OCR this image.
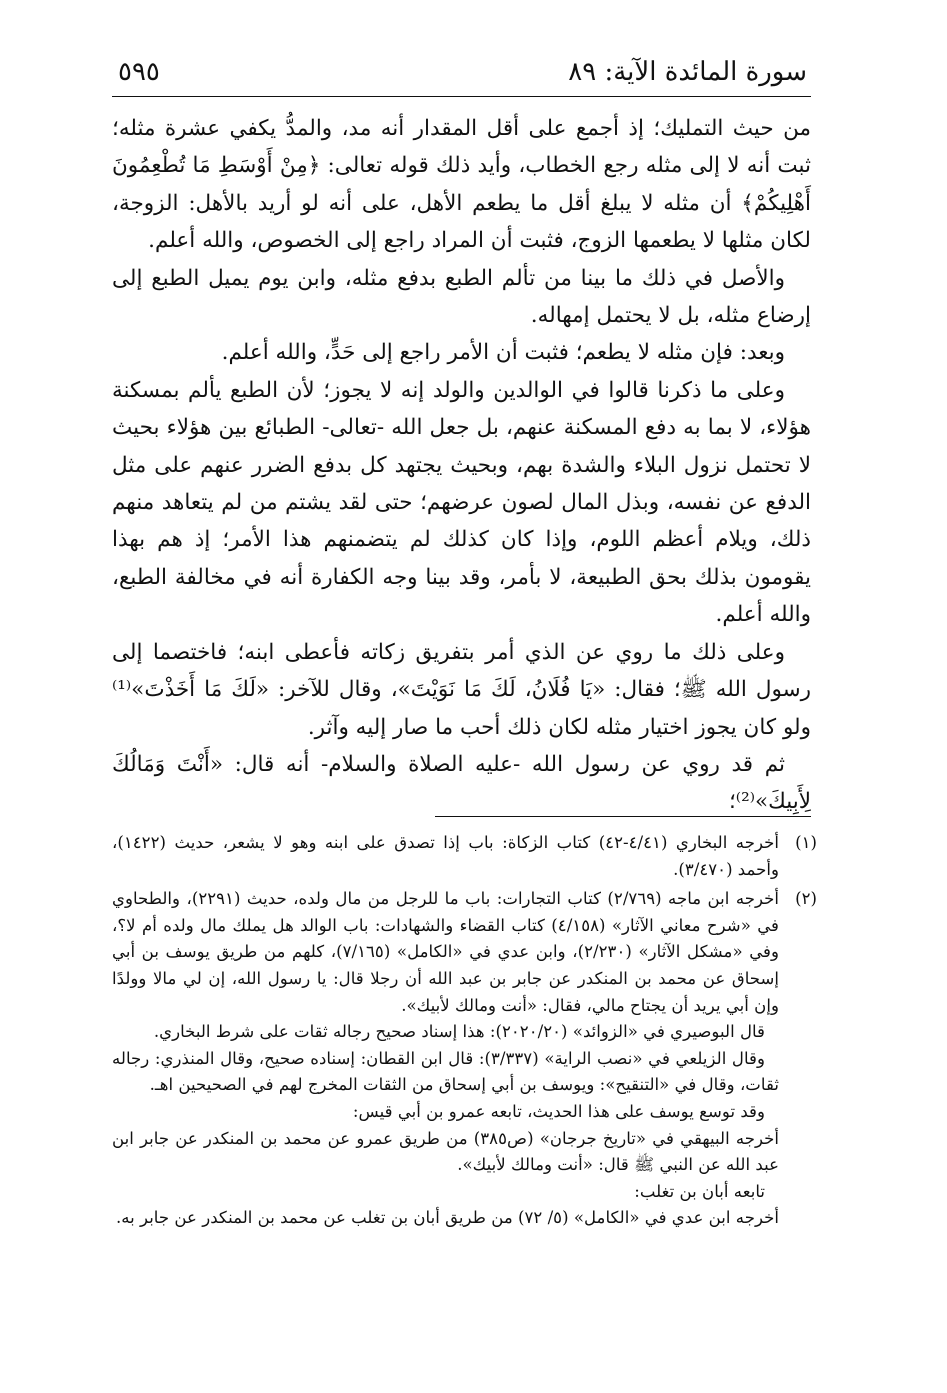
سورة المائدة الآية: ٨٩
٥٩٥

من حيث التمليك؛ إذ أجمع على أقل المقدار أنه مد، والمدُّ يكفي عشرة مثله؛ ثبت أنه لا إلى مثله رجع الخطاب، وأيد ذلك قوله تعالى: ﴿مِنْ أَوْسَطِ مَا تُطْعِمُونَ أَهْلِيكُمْ﴾ أن مثله لا يبلغ أقل ما يطعم الأهل، على أنه لو أريد بالأهل: الزوجة، لكان مثلها لا يطعمها الزوج، فثبت أن المراد راجع إلى الخصوص، والله أعلم.

والأصل في ذلك ما بينا من تألم الطبع بدفع مثله، وابن يوم يميل الطبع إلى إرضاع مثله، بل لا يحتمل إمهاله.

وبعد: فإن مثله لا يطعم؛ فثبت أن الأمر راجع إلى حَدٍّ، والله أعلم.

وعلى ما ذكرنا قالوا في الوالدين والولد إنه لا يجوز؛ لأن الطبع يألم بمسكنة هؤلاء، لا بما به دفع المسكنة عنهم، بل جعل الله -تعالى- الطبائع بين هؤلاء بحيث لا تحتمل نزول البلاء والشدة بهم، وبحيث يجتهد كل بدفع الضرر عنهم على مثل الدفع عن نفسه، وبذل المال لصون عرضهم؛ حتى لقد يشتم من لم يتعاهد منهم ذلك، ويلام أعظم اللوم، وإذا كان كذلك لم يتضمنهم هذا الأمر؛ إذ هم بهذا يقومون بذلك بحق الطبيعة، لا بأمر، وقد بينا وجه الكفارة أنه في مخالفة الطبع، والله أعلم.

وعلى ذلك ما روي عن الذي أمر بتفريق زكاته فأعطى ابنه؛ فاختصما إلى رسول الله ﷺ؛ فقال: «يَا فُلَانُ، لَكَ مَا نَوَيْتَ»، وقال للآخر: «لَكَ مَا أَخَذْتَ»⁽¹⁾ ولو كان يجوز اختيار مثله لكان ذلك أحب ما صار إليه وآثر.

ثم قد روي عن رسول الله -عليه الصلاة والسلام- أنه قال: «أَنْتَ وَمَالُكَ لِأَبِيكَ»⁽²⁾؛

(١)

أخرجه البخاري (٤/٤١-٤٢) كتاب الزكاة: باب إذا تصدق على ابنه وهو لا يشعر، حديث (١٤٢٢)، وأحمد (٣/٤٧٠).

(٢)

أخرجه ابن ماجه (٢/٧٦٩) كتاب التجارات: باب ما للرجل من مال ولده، حديث (٢٢٩١)، والطحاوي في «شرح معاني الآثار» (٤/١٥٨) كتاب القضاء والشهادات: باب الوالد هل يملك مال ولده أم لا؟، وفي «مشكل الآثار» (٢/٢٣٠)، وابن عدي في «الكامل» (٧/١٦٥)، كلهم من طريق يوسف بن أبي إسحاق عن محمد بن المنكدر عن جابر بن عبد الله أن رجلا قال: يا رسول الله، إن لي مالا وولدًا وإن أبي يريد أن يجتاح مالي، فقال: «أنت ومالك لأبيك».

قال البوصيري في «الزوائد» (٢٠٢٠/٢٠): هذا إسناد صحيح رجاله ثقات على شرط البخاري.

وقال الزيلعي في «نصب الراية» (٣/٣٣٧): قال ابن القطان: إسناده صحيح، وقال المنذري: رجاله ثقات، وقال في «التنقيح»: ويوسف بن أبي إسحاق من الثقات المخرج لهم في الصحيحين اهـ.

وقد توسع يوسف على هذا الحديث، تابعه عمرو بن أبي قيس:

أخرجه البيهقي في «تاريخ جرجان» (ص٣٨٥) من طريق عمرو عن محمد بن المنكدر عن جابر ابن عبد الله عن النبي ﷺ قال: «أنت ومالك لأبيك».

تابعه أبان بن تغلب:

أخرجه ابن عدي في «الكامل» (٥/ ٧٢) من طريق أبان بن تغلب عن محمد بن المنكدر عن جابر به.
